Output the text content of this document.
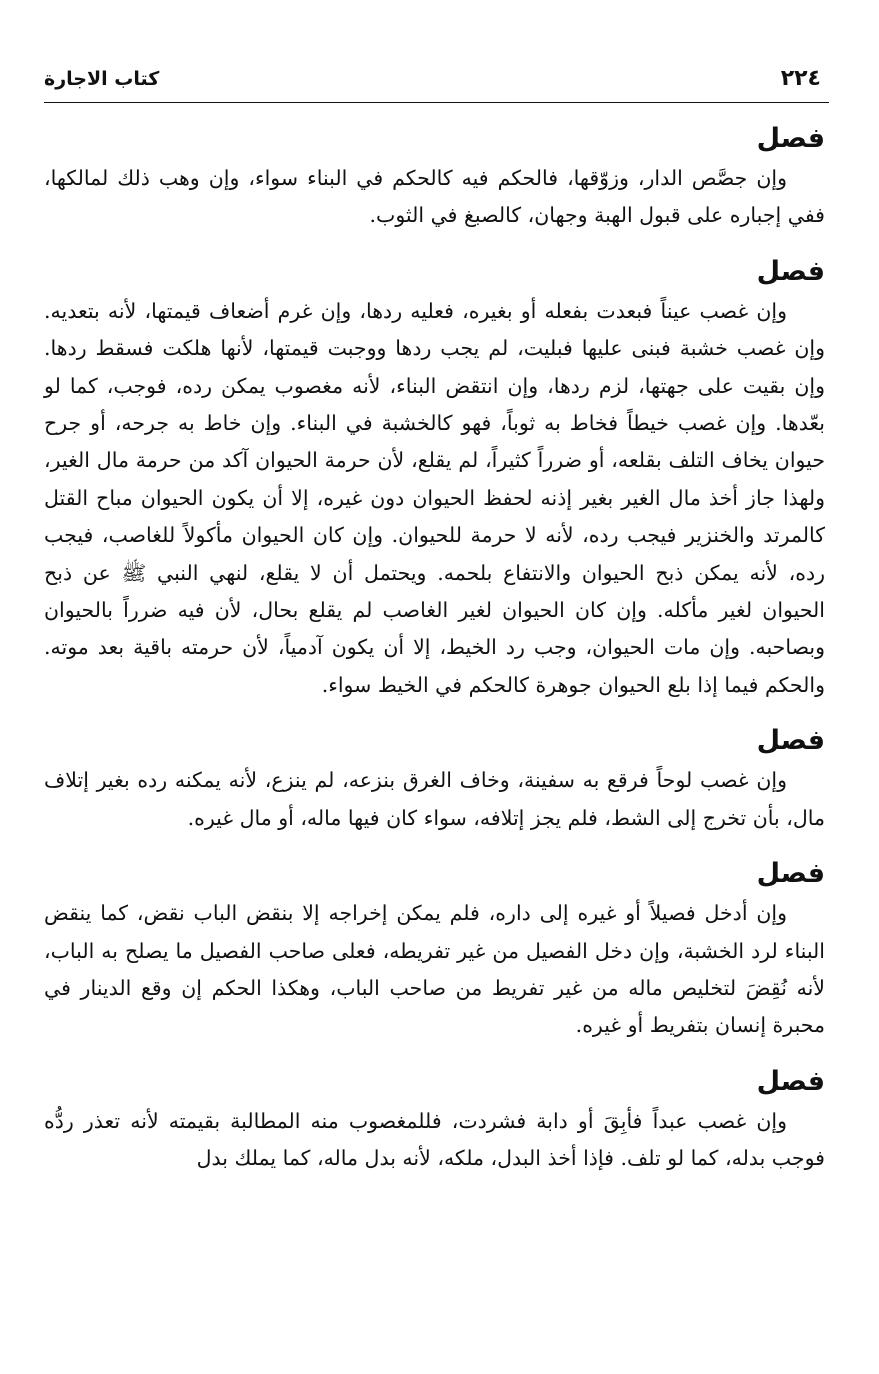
٢٢٤
كتاب الاجارة
فصل

وإن جصَّص الدار، وزوّقها، فالحكم فيه كالحكم في البناء سواء، وإن وهب ذلك لمالكها، ففي إجباره على قبول الهبة وجهان، كالصبغ في الثوب.

فصل

وإن غصب عيناً فبعدت بفعله أو بغيره، فعليه ردها، وإن غرم أضعاف قيمتها، لأنه بتعديه. وإن غصب خشبة فبنى عليها فبليت، لم يجب ردها ووجبت قيمتها، لأنها هلكت فسقط ردها. وإن بقيت على جهتها، لزم ردها، وإن انتقض البناء، لأنه مغصوب يمكن رده، فوجب، كما لو بعّدها. وإن غصب خيطاً فخاط به ثوباً، فهو كالخشبة في البناء. وإن خاط به جرحه، أو جرح حيوان يخاف التلف بقلعه، أو ضرراً كثيراً، لم يقلع، لأن حرمة الحيوان آكد من حرمة مال الغير، ولهذا جاز أخذ مال الغير بغير إذنه لحفظ الحيوان دون غيره، إلا أن يكون الحيوان مباح القتل كالمرتد والخنزير فيجب رده، لأنه لا حرمة للحيوان. وإن كان الحيوان مأكولاً للغاصب، فيجب رده، لأنه يمكن ذبح الحيوان والانتفاع بلحمه. ويحتمل أن لا يقلع، لنهي النبي ﷺ عن ذبح الحيوان لغير مأكله. وإن كان الحيوان لغير الغاصب لم يقلع بحال، لأن فيه ضرراً بالحيوان وبصاحبه. وإن مات الحيوان، وجب رد الخيط، إلا أن يكون آدمياً، لأن حرمته باقية بعد موته. والحكم فيما إذا بلع الحيوان جوهرة كالحكم في الخيط سواء.

فصل

وإن غصب لوحاً فرقع به سفينة، وخاف الغرق بنزعه، لم ينزع، لأنه يمكنه رده بغير إتلاف مال، بأن تخرج إلى الشط، فلم يجز إتلافه، سواء كان فيها ماله، أو مال غيره.

فصل

وإن أدخل فصيلاً أو غيره إلى داره، فلم يمكن إخراجه إلا بنقض الباب نقض، كما ينقض البناء لرد الخشبة، وإن دخل الفصيل من غير تفريطه، فعلى صاحب الفصيل ما يصلح به الباب، لأنه نُقِضَ لتخليص ماله من غير تفريط من صاحب الباب، وهكذا الحكم إن وقع الدينار في محبرة إنسان بتفريط أو غيره.

فصل

وإن غصب عبداً فأبِقَ أو دابة فشردت، فللمغصوب منه المطالبة بقيمته لأنه تعذر ردُّه فوجب بدله، كما لو تلف. فإذا أخذ البدل، ملكه، لأنه بدل ماله، كما يملك بدل
